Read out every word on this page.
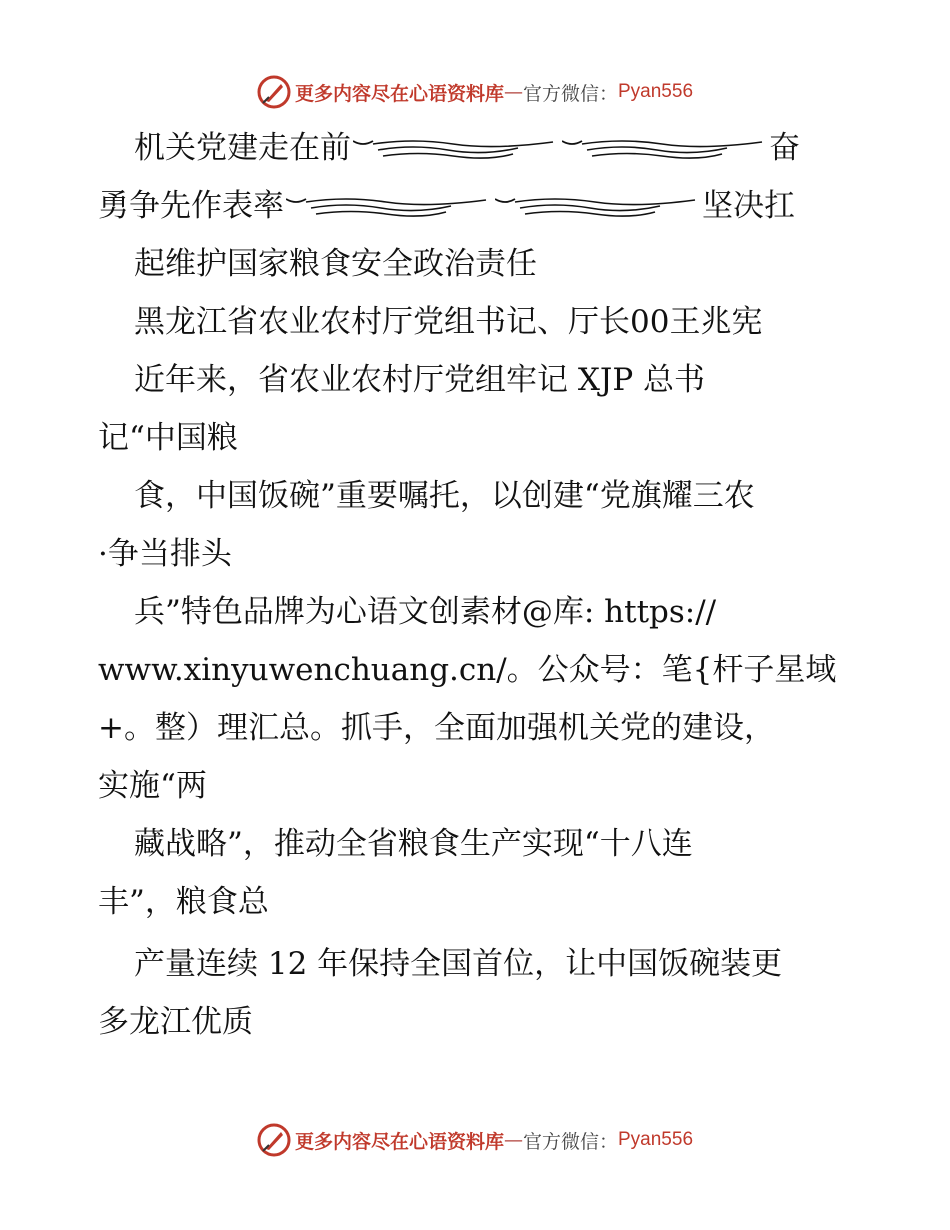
更多内容尽在心语资料库 — 官方微信： Pyan556
机关党建走在前	奋
勇争先作表率	坚决扛
起维护国家粮食安全政治责任
黑龙江省农业农村厅党组书记、厅长00王兆宪
近年来，省农业农村厅党组牢记 XJP 总书
记“中国粮
食，中国饭碗”重要嘱托，以创建“党旗耀三农
·争当排头
兵”特色品牌为心语文创素材@库: https://
www.xinyuwenchuang.cn/。公众号：笔{杆子星域
+。整）理汇总。抓手，全面加强机关党的建设，
实施“两
藏战略”，推动全省粮食生产实现“十八连
丰”，粮食总
产量连续 12 年保持全国首位，让中国饭碗装更
多龙江优质
更多内容尽在心语资料库 — 官方微信： Pyan556
